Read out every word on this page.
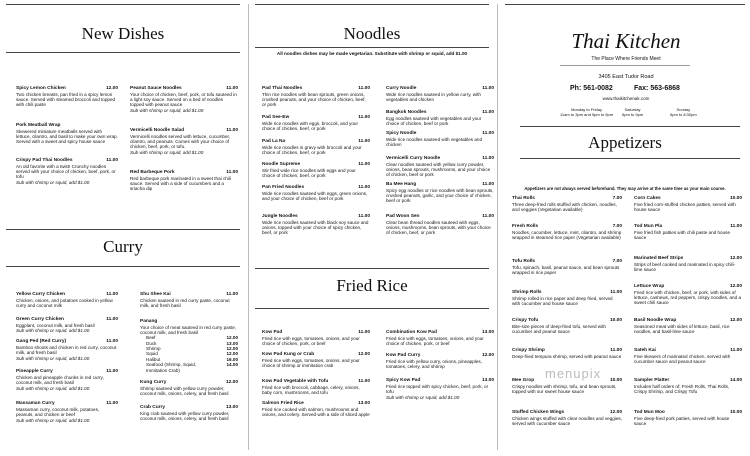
New Dishes
Curry
Noodles
All noodles dishes may be made vegetarian. Substitute with shrimp or squid, add $1.00
Fried Rice
Thai Kitchen
The Place Where Friends Meet
3405 East Tudor Road
Ph: 561-0082	Fax: 563-6868
www.thaikitchenak.com
Monday to Friday
11am to 3pm and 5pm to 9pm
Saturday
5pm to 9pm
Sunday
5pm to 8:30pm
Appetizers
Appetizers are not always served beforehand. They may arrive at the same time as your main course.
menupix
Spicy Lemon Chicken	12.00
Two chicken breasts, pan fried in a spicy lemon sauce. Served with steamed broccoli and topped with chili paste
Pork Meatball Wrap
Skewered miniature meatballs served with lettuce, cilantro, and basil to make your own wrap. Served with a sweet and spicy house sauce
Crispy Pad Thai Noodles	11.00
An old favorite with a twist! Crunchy noodles served with your choice of chicken, beef, pork, or tofu
Sub with shrimp or squid, add $1.00
Peanut Sauce Noodles	11.00
Your choice of chicken, beef, pork, or tofu sauteed in a light soy sauce. Served on a bed of noodles topped with peanut sauce
Sub with shrimp or squid, add $1.00
Vermicelli Noodle Salad	11.00
Vermicelli noodles served with lettuce, cucumber, cilantro, and peanuts. Comes with your choice of chicken, beef, pork, or tofu.
Sub with shrimp or squid, add $1.00
Red Barbeque Pork	11.00
Red barbeque pork marinated in a sweet thai chili sauce. Served with a side of cucumbers and a sriacha dip
Pad Thai Noodles	11.00
Thin rice noodles with bean sprouts, green onions, crushed peanuts, and your choice of chicken, beef, or pork
Pad See-Ew	11.00
Wide rice noodles with eggs, broccoli, and your choice of chicken, beef, or pork
Pad La Na	11.00
Wide rice noodles in gravy with broccoli and your choice of chicken, beef, or pork
Noodle Supreme	11.00
Stir fried wide rice noodles with eggs and your choice of chicken, beef, or pork
Pan Fried Noodles	11.00
Wide rice noodles sauteed with eggs, green onions, and your choice of chicken, beef or pork
Jungle Noodles	11.00
Wide rice noodles sauteed with black soy sauce and onions, topped with your choice of spicy chicken, beef, or pork
Curry Noodle	11.00
Wide rice noodles sauteed in yellow curry, with vegetables and chicken
Bangkok Noodles	11.00
Egg noodles sauteed with vegetables and your choice of chicken, beef or pork
Spicy Noodle	11.00
Wide rice noodles sauteed with vegetables and chicken
Vermicelli Curry Noodle	11.00
Clear noodles sauteed with yellow curry powder, onions, bean sprouts, mushrooms, and your choice of chicken, beef or pork
Ba Mee Hang	11.00
Spicy egg noodles or rice noodles with bean sprouts, crushed peanuts, garlic, and your choice of chicken, beef or pork
Pad Woon Sen	11.00
Clear bean thread noodles sauteed with eggs, onions, mushrooms, bean sprouts, with your choice of chicken, beef, or pork
Yellow Curry Chicken	11.00
Chicken, onions, and potatoes cooked in yellow curry and coconut milk
Green Curry Chicken	11.00
Eggplant, coconut milk, and fresh basil
Sub with shrimp or squid, add $1.00
Gang Ped (Red Curry)	11.00
Bamboo shoots and chicken in red curry, coconut milk, and fresh basil
Sub with shrimp or squid, add $1.00
Pineapple Curry	11.00
Chicken and pineapple chunks in red curry, coconut milk, and fresh basil
Sub with shrimp or squid, add $1.00
Massaman Curry	11.00
Massaman curry, coconut milk, potatoes, peanuts, and chicken or beef
Sub with shrimp or squid, add $1.00
Shu Shee Kai	11.00
Chicken sauteed in red curry paste, coconut milk, and fresh basil
Panang
Your choice of meat sauteed in red curry paste, coconut milk, and fresh basil
Beef	12.00
Duck	13.00
Shrimp	12.00
Squid	12.00
Halibut	16.00
Seafood (Shrimp, Squid, Immitation Crab)
14.00
Kung Curry	12.00
Shrimp sauteed with yellow curry powder, coconut milk, onions, celery, and fresh basil
Crab Curry	13.00
King crab sauteed with yellow curry powder, coconut milk, onions, celery, and fresh basil
Kow Pad	11.00
Fried rice with eggs, tomatoes, onions, and your choice of chicken, pork, or beef
Kow Pad Kung or Crab	12.00
Fried rice with eggs, tomatoes, onions, and your choice of shrimp or immitation crab
Kow Pad Vegetable with Tofu	11.00
Fried rice with broccoli, cabbage, celery, onions, baby corn, mushrooms, and tofu
Salmon Fried Rice	13.00
Fried rice cooked with salmon, mushrooms and onions, and celery. Served with a side of sliced apple
Combination Kow Pad	13.00
Fried rice with eggs, tomatoes, onions, and your choice of chicken, pork, or beef
Kow Pad Curry	12.00
Fried rice with yellow curry, onions, pineapples, tomatoes, celery, and shrimp
Spicy Kow Pad	13.00
Fried rice topped with spicy chicken, beef, pork, or tofu
Sub with shrimp or squid, add $1.00
Thai Rolls	7.00
Three deep-fried rolls stuffed with chicken, noodles, and veggies (Vegetarian available)
Fresh Rolls	7.00
Noodles, cucumber, lettuce, mint, cilantro, and shrimp wrapped in steamed rice paper (Vegetarian available)
Tofu Rolls	7.00
Tofu, spinach, basil, peanut sauce, and bean sprouts wrapped in rice paper
Shrimp Rolls	11.00
Shrimp rolled in rice paper and deep fried, served with cucumber and house sauce
Crispy Tofu	10.00
Bite-size pieces of deep-fried tofu, served with cucumber and peanut sauce
Crispy Shrimp	11.00
Deep-fried tempura shrimp, served with peanut sauce
Mee Grop	10.00
Crispy noodles with shrimp, tofu, and bean sprouts, topped with our sweet house sauce
Stuffed Chicken Wings	12.00
Chicken wings stuffed with clear noodles and veggies, served with cucumber sauce
Corn Cakes	10.00
Five fried corn-stuffed chicken patties, served with house sauce
Tod Mun Pla	11.00
Five fried fish patties with chili paste and house sauce
Marinated Beef Strips	12.00
Strips of beef cooked and marinated in spicy chili-lime sauce
Lettuce Wrap	12.00
Fried rice with chicken, beef, or pork, with sides of lettuce, cashews, red peppers, crispy noodles, and a sweet chili sauce
Basil Noodle Wrap	12.00
Seasoned meat with sides of lettuce, basil, rice noodles, and basil-lime sauce
Sateh Kai	11.00
Five skewers of marinated chicken, served with cucumber sauce and peanut sauce
Sampler Platter	14.00
Includes half orders of: Fresh Rolls, Thai Rolls, Crispy Shrimp, and Crispy Tofu
Tod Mun Moo	10.00
Five deep-fried pork patties, served with house sauce
